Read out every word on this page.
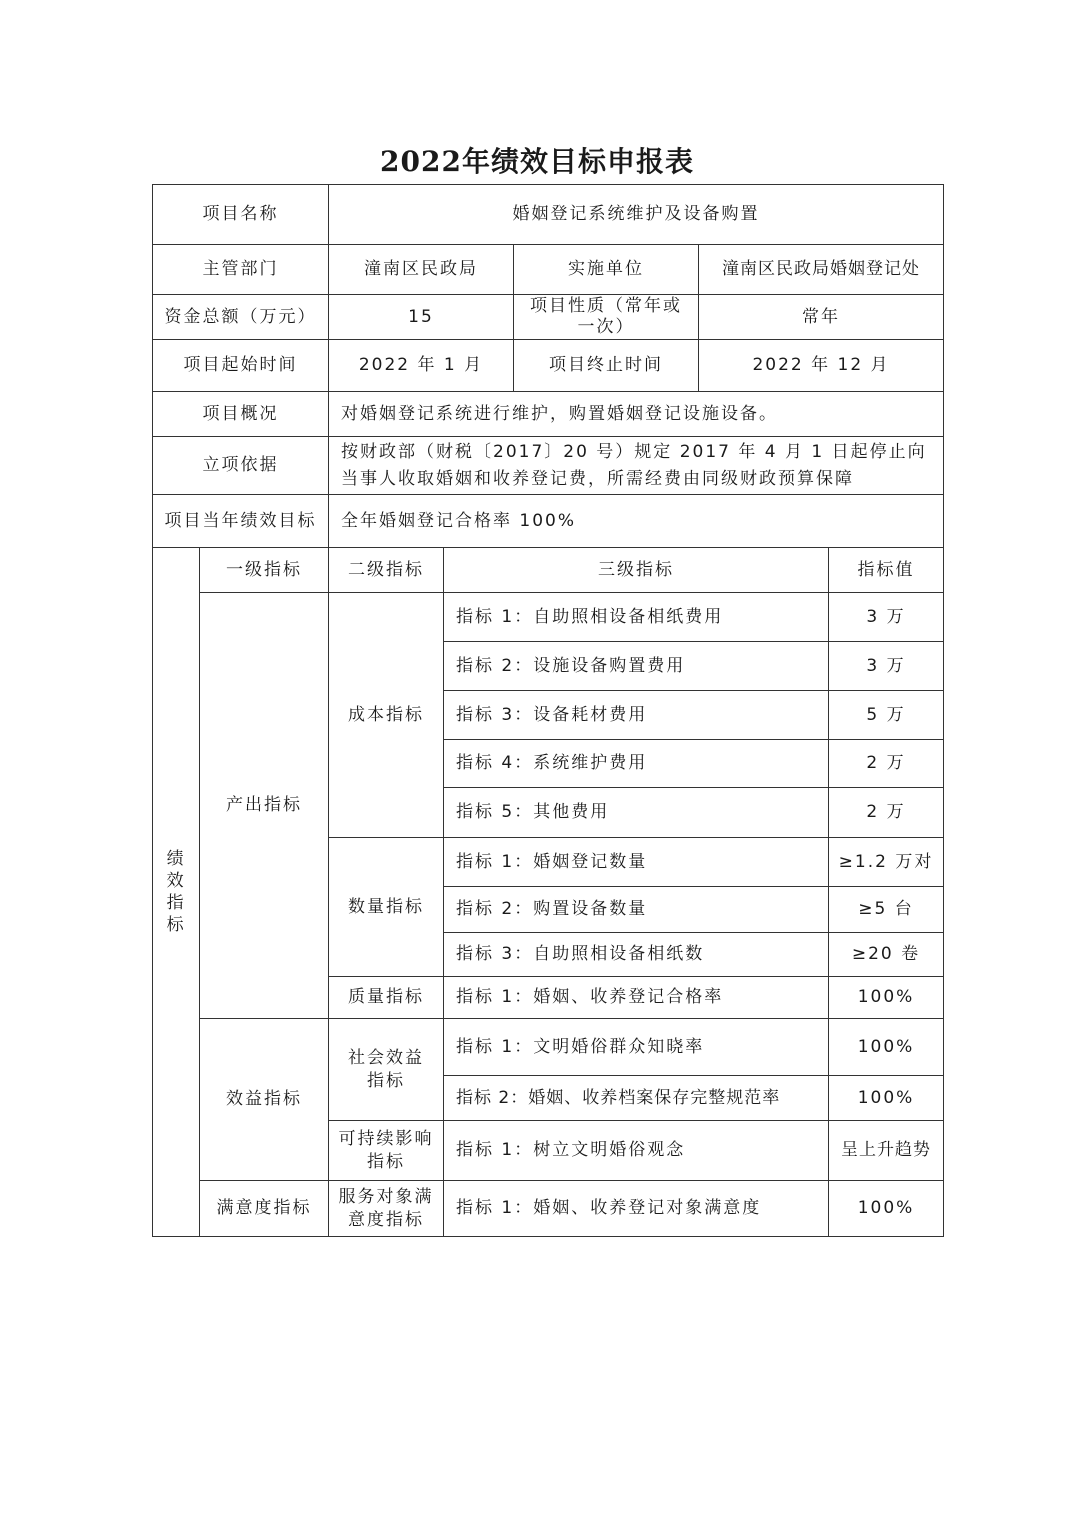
2022年绩效目标申报表
项目名称		婚姻登记系统维护及设备购置				
主管部门		潼南区民政局		实施单位	潼南区民政局婚姻登记处	
资金总额（万元）		15		项目性质（常年或一次）	常年	
项目起始时间		2022 年 1 月		项目终止时间	2022 年 12 月	
项目概况		对婚姻登记系统进行维护，购置婚姻登记设施设备。				
立项依据		按财政部（财税〔2017〕20 号）规定 2017 年 4 月 1 日起停止向当事人收取婚姻和收养登记费，所需经费由同级财政预算保障				
项目当年绩效目标		全年婚姻登记合格率 100%				
绩效指标	一级指标	二级指标	三级指标			指标值
	产出指标	成本指标	指标 1：自助照相设备相纸费用			3 万
			指标 2：设施设备购置费用			3 万
			指标 3：设备耗材费用			5 万
			指标 4：系统维护费用			2 万
			指标 5：其他费用			2 万
		数量指标	指标 1：婚姻登记数量			≥1.2 万对
			指标 2：购置设备数量			≥5 台
			指标 3：自助照相设备相纸数			≥20 卷
		质量指标	指标 1：婚姻、收养登记合格率			100%
	效益指标	社会效益指标	指标 1：文明婚俗群众知晓率			100%
			指标 2：婚姻、收养档案保存完整规范率			100%
		可持续影响指标	指标 1：树立文明婚俗观念			呈上升趋势
	满意度指标	服务对象满意度指标	指标 1：婚姻、收养登记对象满意度			100%
